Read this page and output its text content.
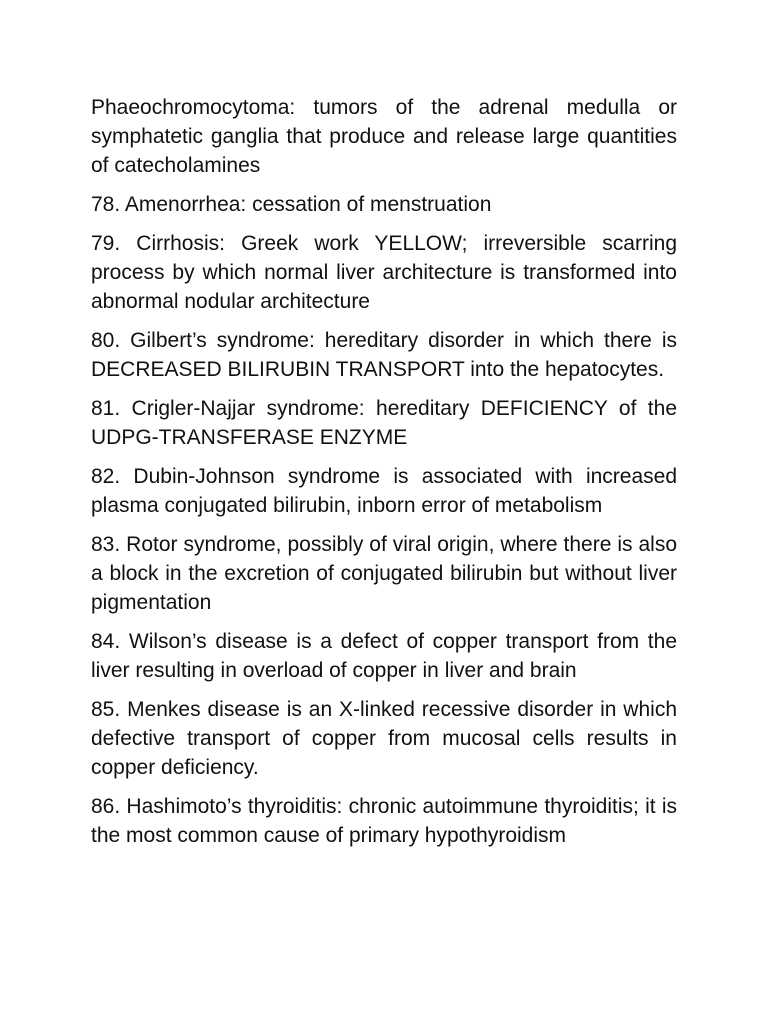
Phaeochromocytoma: tumors of the adrenal medulla or symphatetic ganglia that produce and release large quantities of catecholamines

78. Amenorrhea: cessation of menstruation

79. Cirrhosis: Greek work YELLOW; irreversible scarring process by which normal liver architecture is transformed into abnormal nodular architecture

80. Gilbert’s syndrome: hereditary disorder in which there is DECREASED BILIRUBIN TRANSPORT into the hepatocytes.

81. Crigler-Najjar syndrome: hereditary DEFICIENCY of the UDPG-TRANSFERASE ENZYME

82. Dubin-Johnson syndrome is associated with increased plasma conjugated bilirubin, inborn error of metabolism

83. Rotor syndrome, possibly of viral origin, where there is also a block in the excretion of conjugated bilirubin but without liver pigmentation

84. Wilson’s disease is a defect of copper transport from the liver resulting in overload of copper in liver and brain

85. Menkes disease is an X-linked recessive disorder in which defective transport of copper from mucosal cells results in copper deficiency.

86. Hashimoto’s thyroiditis: chronic autoimmune thyroiditis; it is the most common cause of primary hypothyroidism
